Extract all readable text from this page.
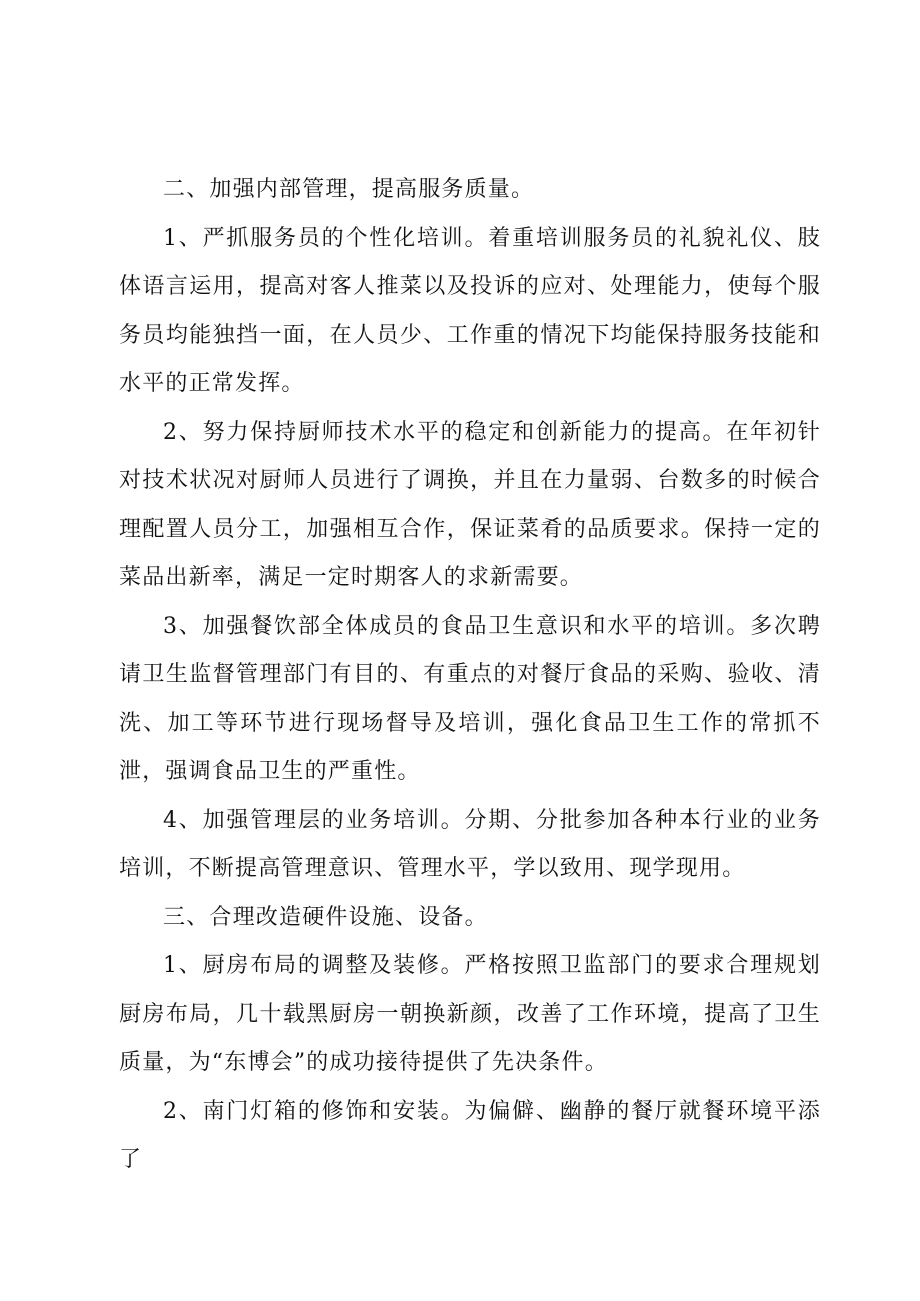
二、加强内部管理，提高服务质量。

1、严抓服务员的个性化培训。着重培训服务员的礼貌礼仪、肢体语言运用，提高对客人推菜以及投诉的应对、处理能力，使每个服务员均能独挡一面，在人员少、工作重的情况下均能保持服务技能和水平的正常发挥。

2、努力保持厨师技术水平的稳定和创新能力的提高。在年初针对技术状况对厨师人员进行了调换，并且在力量弱、台数多的时候合理配置人员分工，加强相互合作，保证菜肴的品质要求。保持一定的菜品出新率，满足一定时期客人的求新需要。

3、加强餐饮部全体成员的食品卫生意识和水平的培训。多次聘请卫生监督管理部门有目的、有重点的对餐厅食品的采购、验收、清洗、加工等环节进行现场督导及培训，强化食品卫生工作的常抓不泄，强调食品卫生的严重性。

4、加强管理层的业务培训。分期、分批参加各种本行业的业务培训，不断提高管理意识、管理水平，学以致用、现学现用。

三、合理改造硬件设施、设备。

1、厨房布局的调整及装修。严格按照卫监部门的要求合理规划厨房布局，几十载黑厨房一朝换新颜，改善了工作环境，提高了卫生质量，为“东博会”的成功接待提供了先决条件。

2、南门灯箱的修饰和安装。为偏僻、幽静的餐厅就餐环境平添了
